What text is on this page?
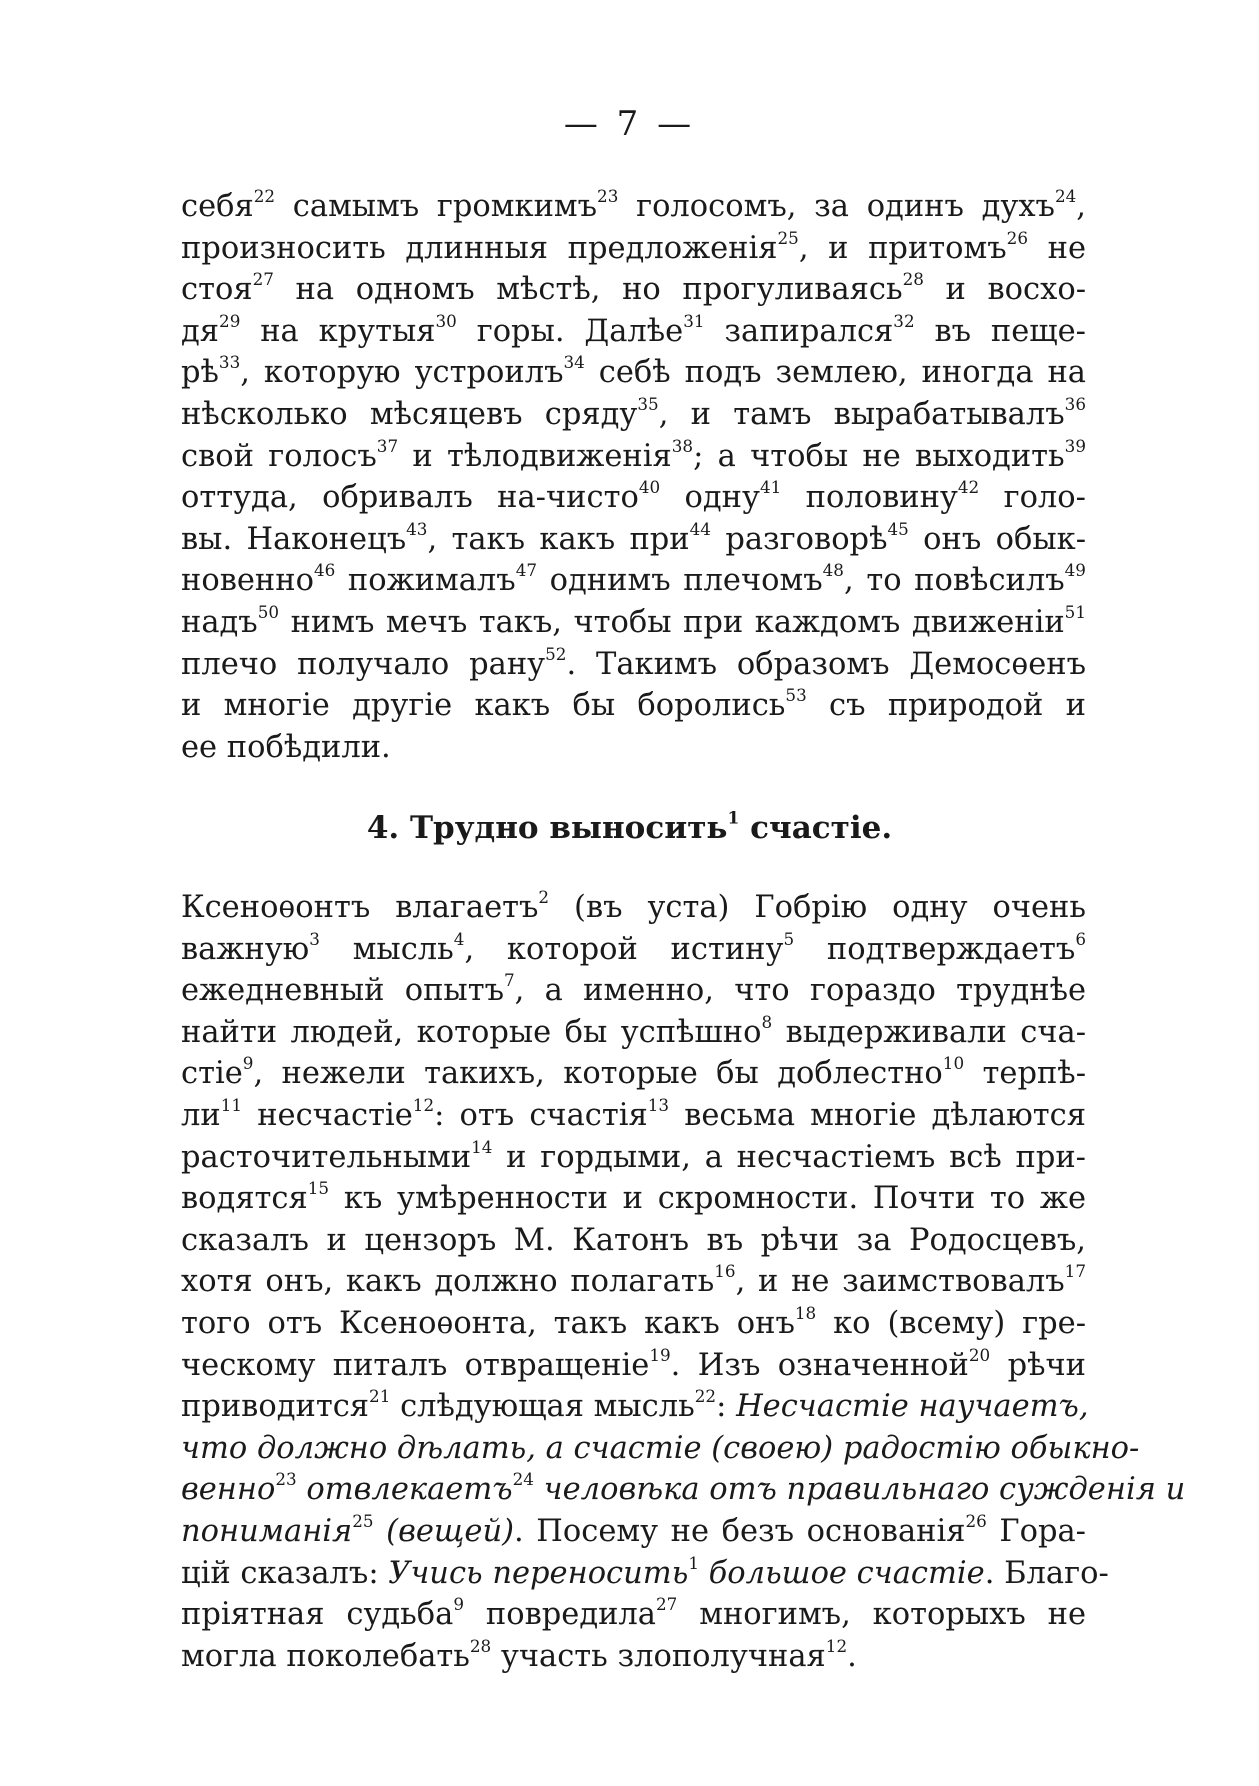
— 7 —
себя$^{22}$ самымъ громкимъ$^{23}$ голосомъ, за одинъ духъ$^{24}$,
произносить длинныя предложенія$^{25}$, и притомъ$^{26}$ не
стоя$^{27}$ на одномъ мѣстѣ, но прогуливаясь$^{28}$ и восхо-
$дя^{29}$ на крутыя$^{30}$ горы. Далѣе$^{31}$ запирался$^{32}$ въ пеще-
$рѣ^{33}$, которую устроилъ$^{34}$ себѣ подъ землею, иногда на
нѣсколько мѣсяцевъ сряду$^{35}$, и тамъ вырабатывалъ$^{36}$
свой голосъ$^{37}$ и тѣлодвиженія$^{38}$; а чтобы не выходить$^{39}$
оттуда, обривалъ на-чисто$^{40}$ одну$^{41}$ половину$^{42}$ голо-
вы. Наконецъ$^{43}$, такъ какъ при$^{44}$ разговорѣ$^{45}$ онъ обык-
новенно$^{46}$ пожималъ$^{47}$ однимъ плечомъ$^{48}$, то повѣсилъ$^{49}$
надъ$^{50}$ нимъ мечъ такъ, чтобы при каждомъ движеніи$^{51}$
плечо получало рану$^{52}$. Такимъ образомъ Демосѳенъ
и многіе другіе какъ бы боролись$^{53}$ съ природой и
ее побѣдили.
4. Трудно выносить$^1$ счастіе.
Ксеноѳонтъ влагаетъ$^2$ (въ уста) Гобрію одну очень
важную$^3$ мысль$^4$, которой истину$^5$ подтверждаетъ$^6$
ежедневный опытъ$^7$, а именно, что гораздо труднѣе
найти людей, которые бы успѣшно$^8$ выдерживали сча-
стіе$^9$, нежели такихъ, которые бы доблестно$^{10}$ терпѣ-
$ли^{11}$ несчастіе$^{12}$: отъ счастія$^{13}$ весьма многіе дѣлаются
расточительными$^{14}$ и гордыми, а несчастіемъ всѣ при-
водятся$^{15}$ къ умѣренности и скромности. Почти то же
сказалъ и цензоръ М. Катонъ въ рѣчи за Родосцевъ,
хотя онъ, какъ должно полагать$^{16}$, и не заимствовалъ$^{17}$
того отъ Ксеноѳонта, такъ какъ онъ$^{18}$ ко (всему) гре-
ческому питалъ отвращеніе$^{19}$. Изъ означенной$^{20}$ рѣчи
приводится$^{21}$ слѣдующая мысль$^{22}$: Несчастіе научаетъ,
что должно дѣлать, а счастіе (своею) радостію обыкно-
венно$^{23}$ отвлекаетъ$^{24}$ человѣка отъ правильнаго сужденія и
пониманія$^{25}$ (вещей). Посему не безъ основанія$^{26}$ Гора-
цій сказалъ: Учись переносить$^1$ большое счастіе. Благо-
пріятная судьба$^9$ повредила$^{27}$ многимъ, которыхъ не
могла поколебать$^{28}$ участь злополучная$^{12}$.
